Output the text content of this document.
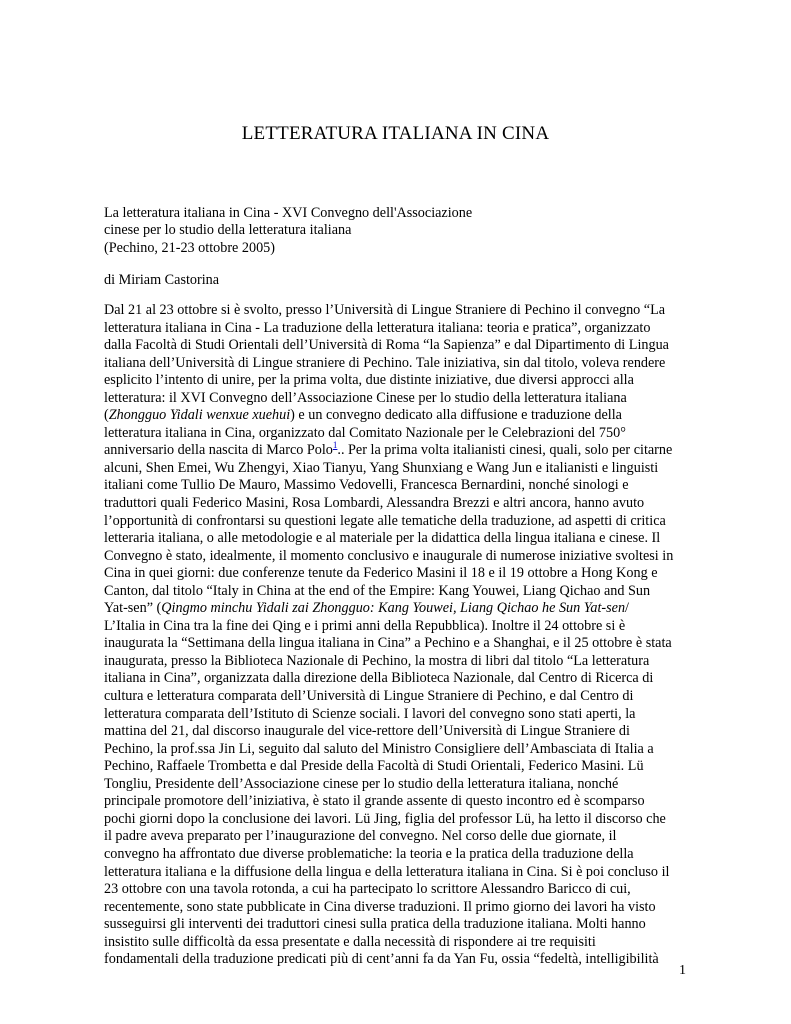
LETTERATURA ITALIANA IN CINA
La letteratura italiana in Cina - XVI Convegno dell'Associazione
cinese per lo studio della letteratura italiana
(Pechino, 21-23 ottobre 2005)
di Miriam Castorina
Dal 21 al 23 ottobre si è svolto, presso l’Università di Lingue Straniere di Pechino il convegno “La
letteratura italiana in Cina - La traduzione della letteratura italiana: teoria e pratica”, organizzato
dalla Facoltà di Studi Orientali dell’Università di Roma “la Sapienza” e dal Dipartimento di Lingua
italiana dell’Università di Lingue straniere di Pechino. Tale iniziativa, sin dal titolo, voleva rendere
esplicito l’intento di unire, per la prima volta, due distinte iniziative, due diversi approcci alla
letteratura: il XVI Convegno dell’Associazione Cinese per lo studio della letteratura italiana
(Zhongguo Yidali wenxue xuehui) e un convegno dedicato alla diffusione e traduzione della
letteratura italiana in Cina, organizzato dal Comitato Nazionale per le Celebrazioni del 750°
anniversario della nascita di Marco Polo$^1$.. Per la prima volta italianisti cinesi, quali, solo per citarne
alcuni, Shen Emei, Wu Zhengyi, Xiao Tianyu, Yang Shunxiang e Wang Jun e italianisti e linguisti
italiani come Tullio De Mauro, Massimo Vedovelli, Francesca Bernardini, nonché sinologi e
traduttori quali Federico Masini, Rosa Lombardi, Alessandra Brezzi e altri ancora, hanno avuto
l’opportunità di confrontarsi su questioni legate alle tematiche della traduzione, ad aspetti di critica
letteraria italiana, o alle metodologie e al materiale per la didattica della lingua italiana e cinese. Il
Convegno è stato, idealmente, il momento conclusivo e inaugurale di numerose iniziative svoltesi in
Cina in quei giorni: due conferenze tenute da Federico Masini il 18 e il 19 ottobre a Hong Kong e
Canton, dal titolo “Italy in China at the end of the Empire: Kang Youwei, Liang Qichao and Sun
Yat-sen” (Qingmo minchu Yidali zai Zhongguo: Kang Youwei, Liang Qichao he Sun Yat-sen/
L’Italia in Cina tra la fine dei Qing e i primi anni della Repubblica). Inoltre il 24 ottobre si è
inaugurata la “Settimana della lingua italiana in Cina” a Pechino e a Shanghai, e il 25 ottobre è stata
inaugurata, presso la Biblioteca Nazionale di Pechino, la mostra di libri dal titolo “La letteratura
italiana in Cina”, organizzata dalla direzione della Biblioteca Nazionale, dal Centro di Ricerca di
cultura e letteratura comparata dell’Università di Lingue Straniere di Pechino, e dal Centro di
letteratura comparata dell’Istituto di Scienze sociali. I lavori del convegno sono stati aperti, la
mattina del 21, dal discorso inaugurale del vice-rettore dell’Università di Lingue Straniere di
Pechino, la prof.ssa Jin Li, seguito dal saluto del Ministro Consigliere dell’Ambasciata di Italia a
Pechino, Raffaele Trombetta e dal Preside della Facoltà di Studi Orientali, Federico Masini. Lü
Tongliu, Presidente dell’Associazione cinese per lo studio della letteratura italiana, nonché
principale promotore dell’iniziativa, è stato il grande assente di questo incontro ed è scomparso
pochi giorni dopo la conclusione dei lavori. Lü Jing, figlia del professor Lü, ha letto il discorso che
il padre aveva preparato per l’inaugurazione del convegno. Nel corso delle due giornate, il
convegno ha affrontato due diverse problematiche: la teoria e la pratica della traduzione della
letteratura italiana e la diffusione della lingua e della letteratura italiana in Cina. Si è poi concluso il
23 ottobre con una tavola rotonda, a cui ha partecipato lo scrittore Alessandro Baricco di cui,
recentemente, sono state pubblicate in Cina diverse traduzioni. Il primo giorno dei lavori ha visto
susseguirsi gli interventi dei traduttori cinesi sulla pratica della traduzione italiana. Molti hanno
insistito sulle difficoltà da essa presentate e dalla necessità di rispondere ai tre requisiti
fondamentali della traduzione predicati più di cent’anni fa da Yan Fu, ossia “fedeltà, intelligibilità
1
